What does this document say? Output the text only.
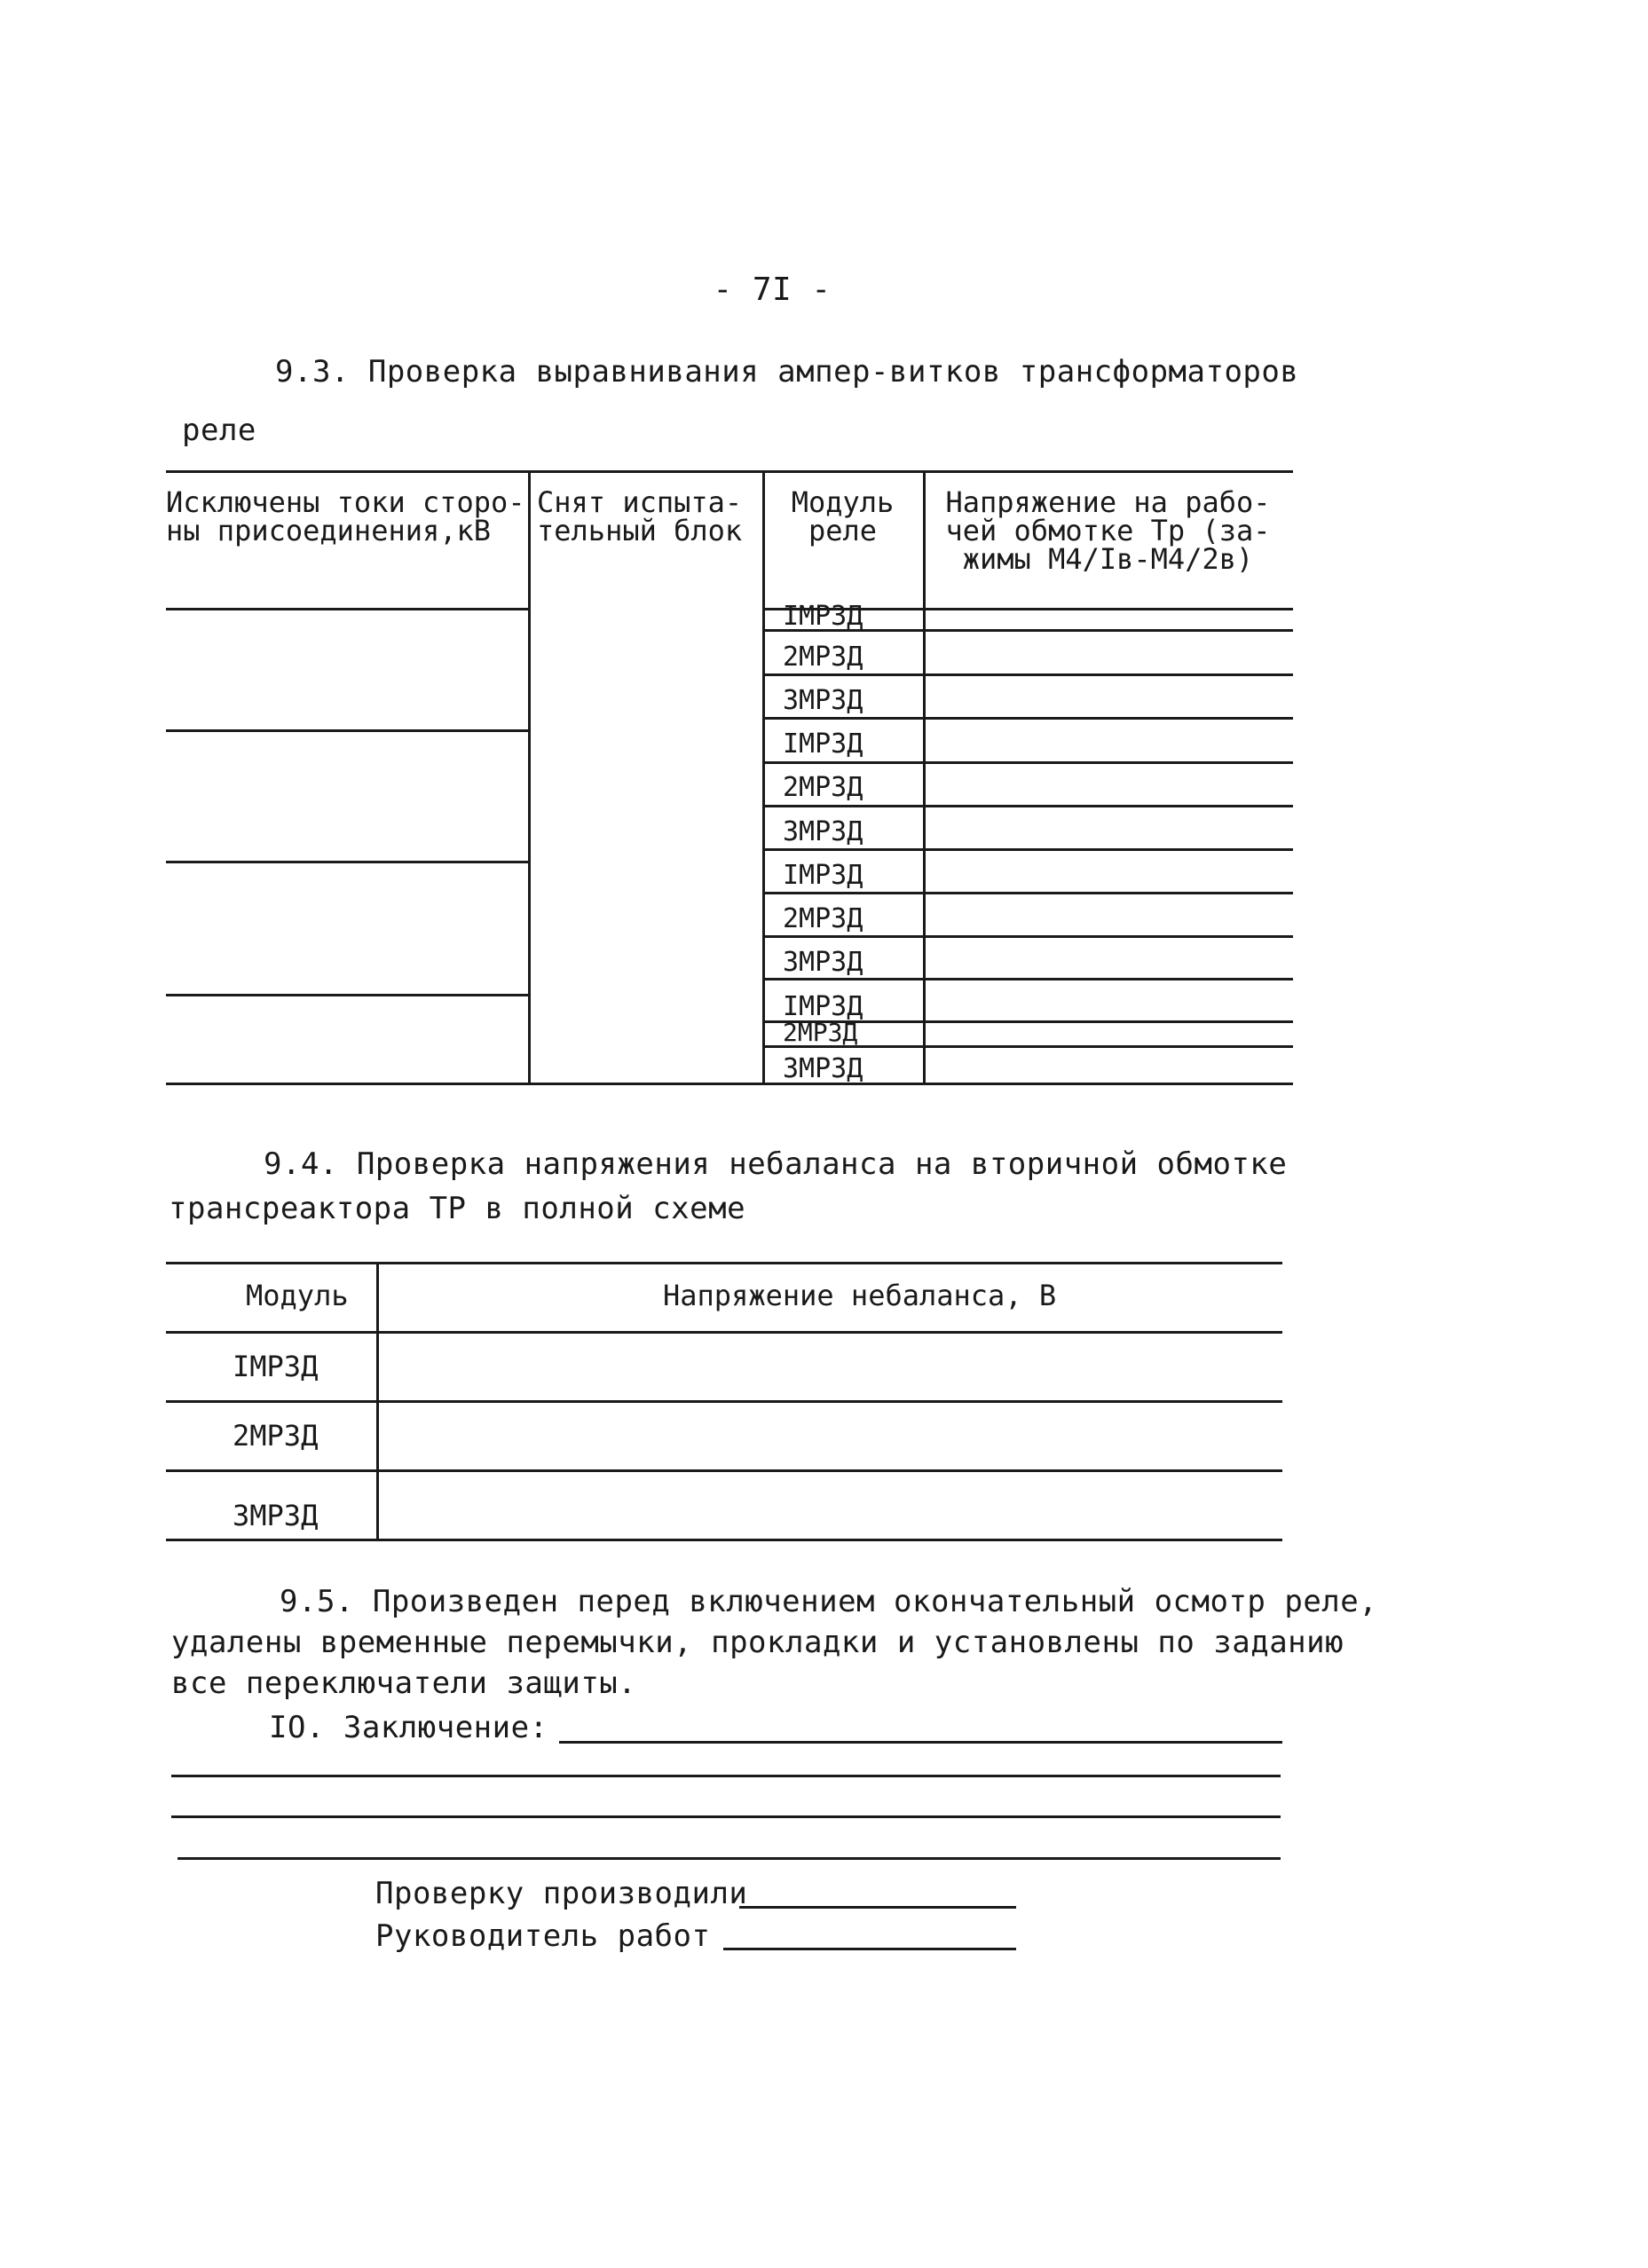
- 7I -
9.3. Проверка выравнивания ампер-витков трансформаторов
реле
Исключены токи сторо-
ны присоединения,кВ
Снят испыта-
тельный блок
Модуль
реле
Напряжение на рабо-
чей обмотке Тр (за-
жимы M4/Iв-M4/2в)
IМРЗД
2МРЗД
3МРЗД
IМРЗД
2МРЗД
3МРЗД
IМРЗД
2МРЗД
3МРЗД
IМРЗД
2МРЗД
3МРЗД
9.4. Проверка напряжения небаланса на вторичной обмотке
трансреактора ТР в полной схеме
Модуль	Напряжение небаланса, В
IМРЗД
2МРЗД
3МРЗД
9.5. Произведен перед включением окончательный осмотр реле,
удалены временные перемычки, прокладки и установлены по заданию
все переключатели защиты.
IO. Заключение:
Проверку производили
Руководитель работ
